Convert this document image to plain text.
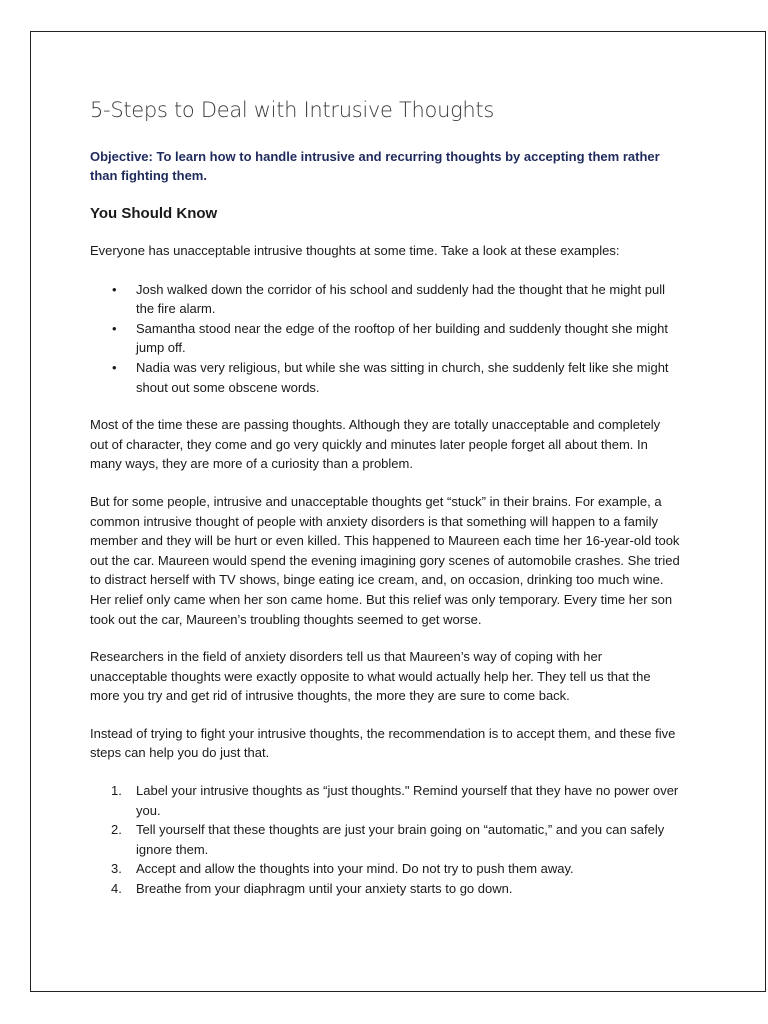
5-Steps to Deal with Intrusive Thoughts

Objective: To learn how to handle intrusive and recurring thoughts by accepting them rather than fighting them.

You Should Know

Everyone has unacceptable intrusive thoughts at some time. Take a look at these examples:

• Josh walked down the corridor of his school and suddenly had the thought that he might pull the fire alarm.
• Samantha stood near the edge of the rooftop of her building and suddenly thought she might jump off.
• Nadia was very religious, but while she was sitting in church, she suddenly felt like she might shout out some obscene words.

Most of the time these are passing thoughts. Although they are totally unacceptable and completely out of character, they come and go very quickly and minutes later people forget all about them. In many ways, they are more of a curiosity than a problem.

But for some people, intrusive and unacceptable thoughts get “stuck” in their brains. For example, a common intrusive thought of people with anxiety disorders is that something will happen to a family member and they will be hurt or even killed. This happened to Maureen each time her 16-year-old took out the car. Maureen would spend the evening imagining gory scenes of automobile crashes. She tried to distract herself with TV shows, binge eating ice cream, and, on occasion, drinking too much wine. Her relief only came when her son came home. But this relief was only temporary. Every time her son took out the car, Maureen’s troubling thoughts seemed to get worse.

Researchers in the field of anxiety disorders tell us that Maureen’s way of coping with her unacceptable thoughts were exactly opposite to what would actually help her. They tell us that the more you try and get rid of intrusive thoughts, the more they are sure to come back.

Instead of trying to fight your intrusive thoughts, the recommendation is to accept them, and these five steps can help you do just that.

1. Label your intrusive thoughts as “just thoughts." Remind yourself that they have no power over you.
2. Tell yourself that these thoughts are just your brain going on “automatic,” and you can safely ignore them.
3. Accept and allow the thoughts into your mind. Do not try to push them away.
4. Breathe from your diaphragm until your anxiety starts to go down.
